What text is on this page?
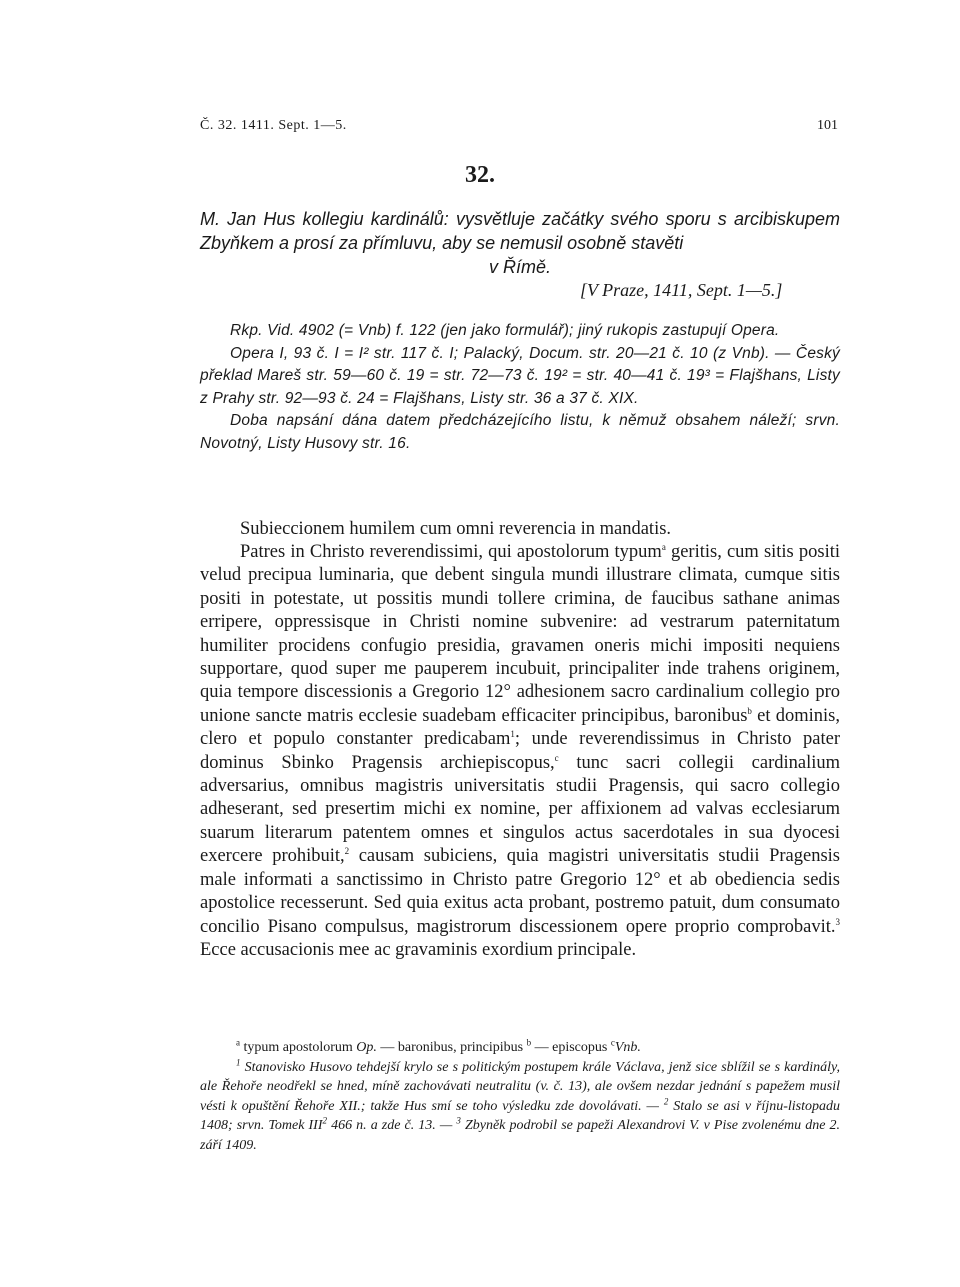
Č. 32. 1411. Sept. 1—5.	101
32.
M. Jan Hus kollegiu kardinálů: vysvětluje začátky svého sporu s arcibiskupem Zbyňkem a prosí za přímluvu, aby se nemusil osobně stavěti
v Římě.
[V Praze, 1411, Sept. 1—5.]

Rkp. Vid. 4902 (= Vnb) f. 122 (jen jako formulář); jiný rukopis zastupují Opera.

Opera I, 93 č. I = I² str. 117 č. I; Palacký, Docum. str. 20—21 č. 10 (z Vnb). — Český překlad Mareš str. 59—60 č. 19 = str. 72—73 č. 19² = str. 40—41 č. 19³ = Flajšhans, Listy z Prahy str. 92—93 č. 24 = Flajšhans, Listy str. 36 a 37 č. XIX.

Doba napsání dána datem předcházejícího listu, k němuž obsahem náleží; srvn. Novotný, Listy Husovy str. 16.

Subieccionem humilem cum omni reverencia in mandatis.

Patres in Christo reverendissimi, qui apostolorum typum$^a$ geritis, cum sitis positi velud precipua luminaria, que debent singula mundi illustrare climata, cumque sitis positi in potestate, ut possitis mundi tollere crimina, de faucibus sathane animas erripere, oppressisque in Christi nomine subvenire: ad vestrarum paternitatum humiliter procidens confugio presidia, gravamen oneris michi impositi nequiens supportare, quod super me pauperem incubuit, principaliter inde trahens originem, quia tempore discessionis a Gregorio 12° adhesionem sacro cardinalium collegio pro unione sancte matris ecclesie suadebam efficaciter principibus, baronibus$^b$ et dominis, clero et populo constanter predicabam$^1$; unde reverendissimus in Christo pater dominus Sbinko Pragensis archiepiscopus,$^c$ tunc sacri collegii cardinalium adversarius, omnibus magistris universitatis studii Pragensis, qui sacro collegio adheserant, sed presertim michi ex nomine, per affixionem ad valvas ecclesiarum suarum literarum patentem omnes et singulos actus sacerdotales in sua dyocesi exercere prohibuit,$^2$ causam subiciens, quia magistri universitatis studii Pragensis male informati a sanctissimo in Christo patre Gregorio 12° et ab obediencia sedis apostolice recesserunt. Sed quia exitus acta probant, postremo patuit, dum consumato concilio Pisano compulsus, magistrorum discessionem opere proprio comprobavit.$^3$ Ecce accusacionis mee ac gravaminis exordium principale.

$^a$ typum apostolorum Op. — baronibus, principibus $^b$ — episcopus $^c$Vnb.

$^1$ Stanovisko Husovo tehdejší krylo se s politickým postupem krále Václava, jenž sice sblížil se s kardinály, ale Řehoře neodřekl se hned, míně zachovávati neutralitu (v. č. 13), ale ovšem nezdar jednání s papežem musil vésti k opuštění Řehoře XII.; takže Hus smí se toho výsledku zde dovolávati. — $^2$ Stalo se asi v říjnu-listopadu 1408; srvn. Tomek III$^2$ 466 n. a zde č. 13. — $^3$ Zbyněk podrobil se papeži Alexandrovi V. v Pise zvolenému dne 2. září 1409.
